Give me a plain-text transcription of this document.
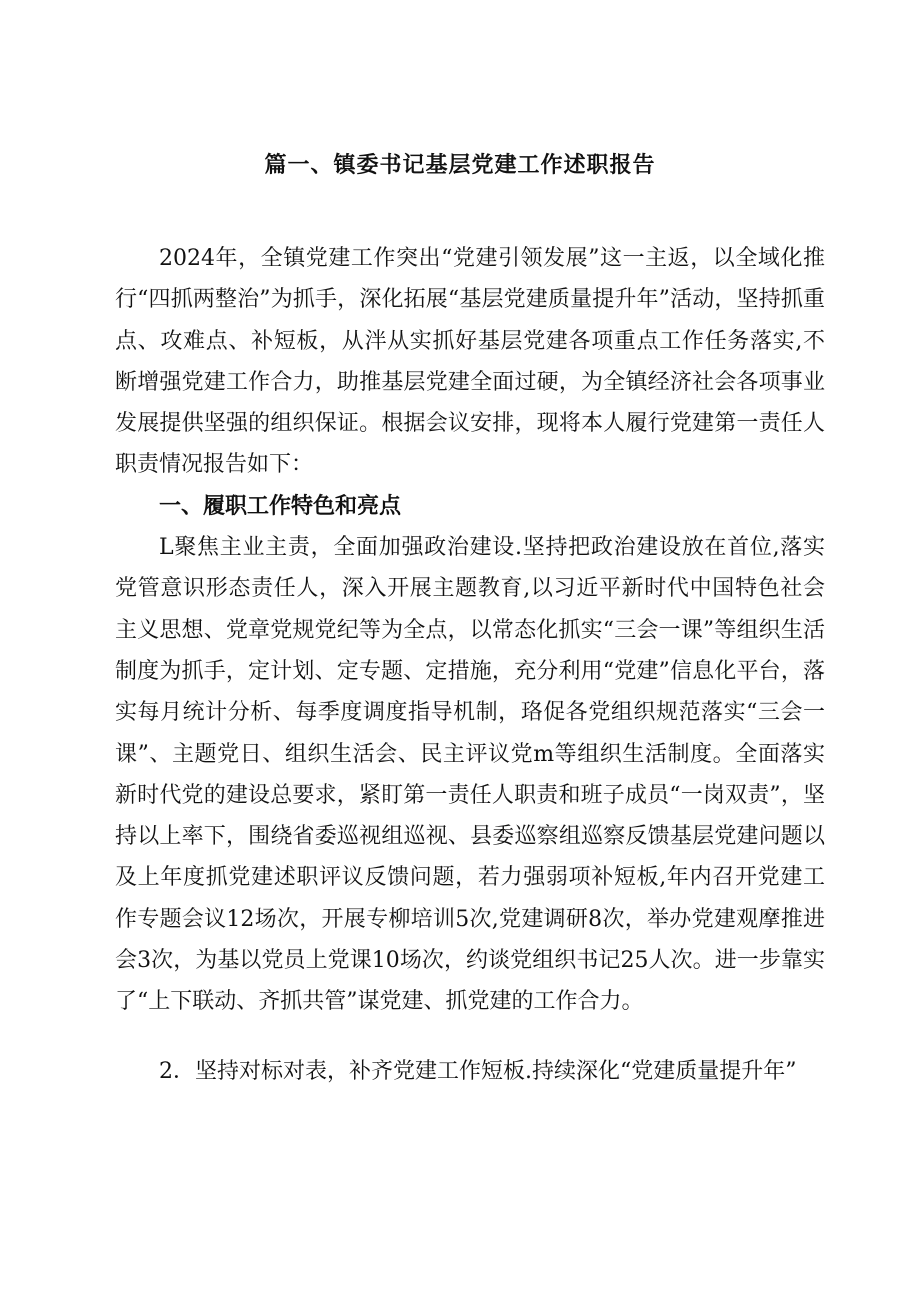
篇一、镇委书记基层党建工作述职报告

2024年，全镇党建工作突出“党建引领发展”这一主返，以全域化推行“四抓两整治”为抓手，深化拓展“基层党建质量提升年”活动，坚持抓重点、攻难点、补短板，从泮从实抓好基层党建各项重点工作任务落实,不断增强党建工作合力，助推基层党建全面过硬，为全镇经济社会各项事业发展提供坚强的组织保证。根据会议安排，现将本人履行党建第一责任人职责情况报告如下：

一、履职工作特色和亮点

L聚焦主业主责，全面加强政治建设.坚持把政治建设放在首位,落实党管意识形态责任人，深入开展主题教育,以习近平新时代中国特色社会主义思想、党章党规党纪等为全点，以常态化抓实“三会一课”等组织生活制度为抓手，定计划、定专题、定措施，充分利用“党建”信息化平台，落实每月统计分析、每季度调度指导机制，珞促各党组织规范落实“三会一课”、主题党日、组织生活会、民主评议党m等组织生活制度。全面落实新时代党的建设总要求，紧盯第一责任人职责和班子成员“一岗双责”，坚持以上率下，围绕省委巡视组巡视、县委巡察组巡察反馈基层党建问题以及上年度抓党建述职评议反馈问题，若力强弱项补短板,年内召开党建工作专题会议12场次，开展专柳培训5次,党建调研8次，举办党建观摩推进会3次，为基以党员上党课10场次，约谈党组织书记25人次。进一步靠实了“上下联动、齐抓共管”谋党建、抓党建的工作合力。

2．坚持对标对表，补齐党建工作短板.持续深化“党建质量提升年”
